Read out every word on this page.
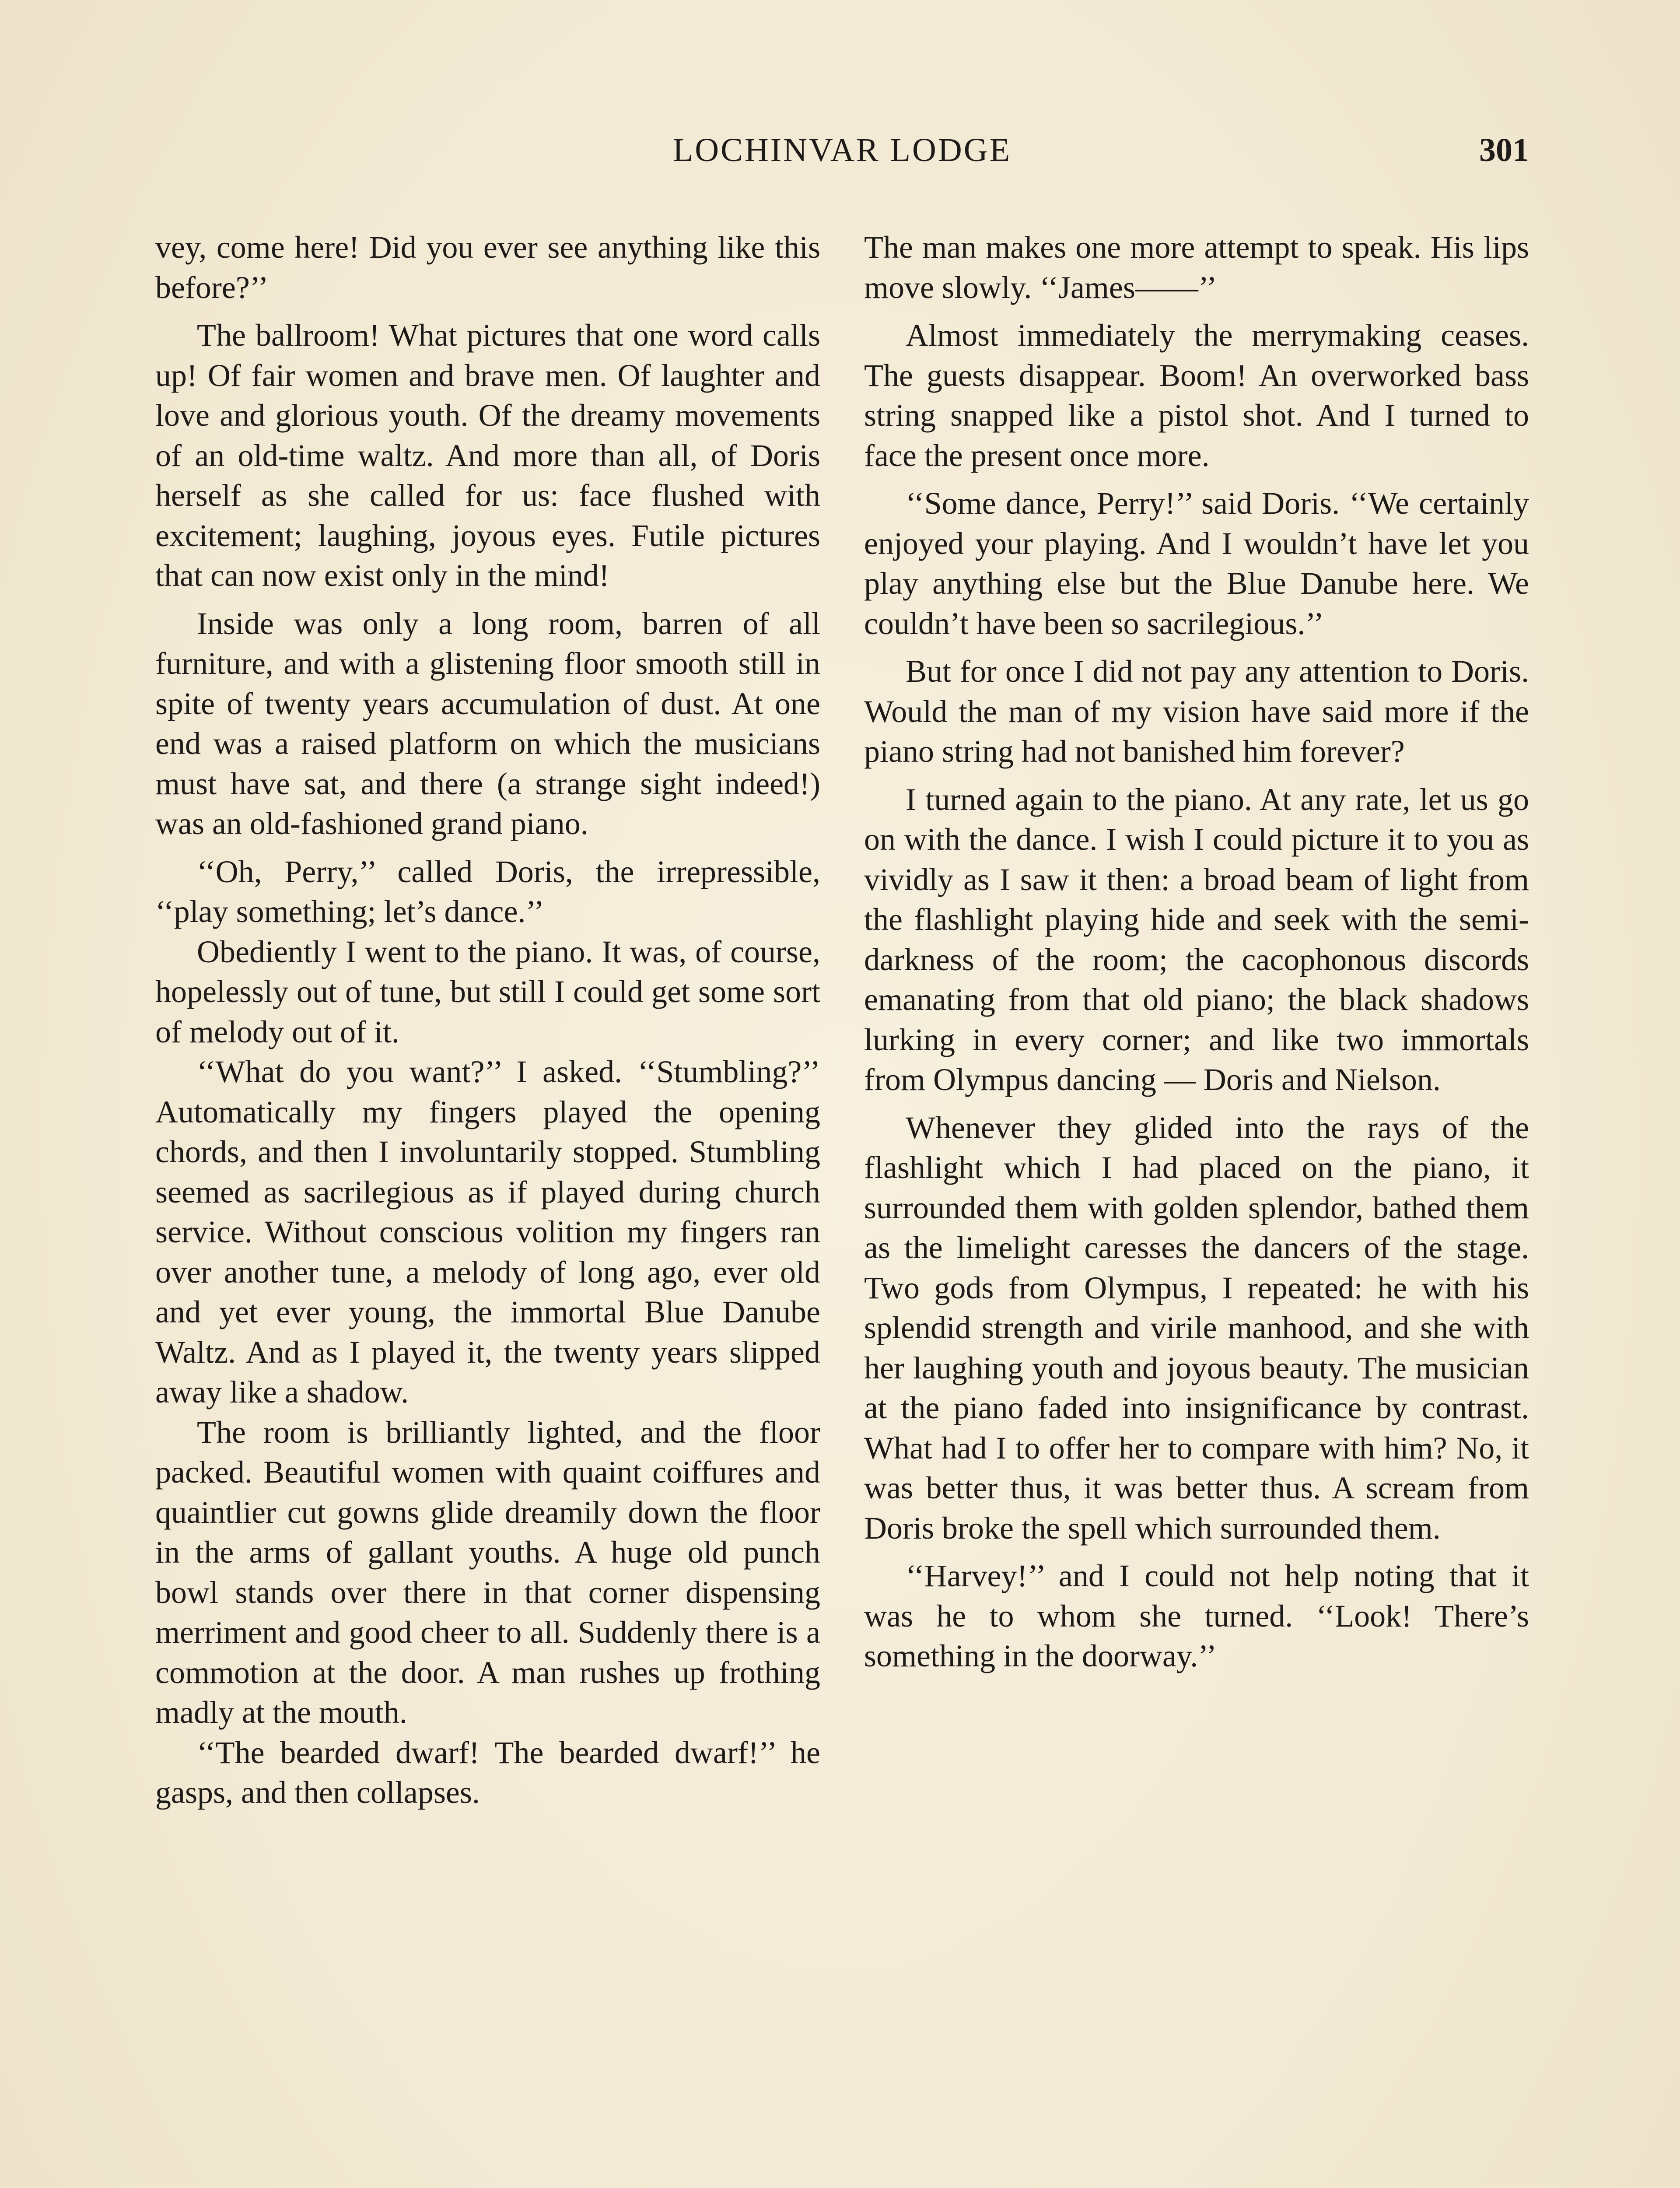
LOCHINVAR LODGE	301

vey, come here! Did you ever see anything like this before?’’

The ballroom! What pictures that one word calls up! Of fair women and brave men. Of laughter and love and glorious youth. Of the dreamy movements of an old-time waltz. And more than all, of Doris herself as she called for us: face flushed with excitement; laughing, joyous eyes. Futile pictures that can now exist only in the mind!

Inside was only a long room, barren of all furniture, and with a glistening floor smooth still in spite of twenty years accumulation of dust. At one end was a raised platform on which the musicians must have sat, and there (a strange sight indeed!) was an old-fashioned grand piano.

‘‘Oh, Perry,’’ called Doris, the irrepressible, ‘‘play something; let’s dance.’’

Obediently I went to the piano. It was, of course, hopelessly out of tune, but still I could get some sort of melody out of it.

‘‘What do you want?’’ I asked. ‘‘Stumbling?’’ Automatically my fingers played the opening chords, and then I involuntarily stopped. Stumbling seemed as sacrilegious as if played during church service. Without conscious volition my fingers ran over another tune, a melody of long ago, ever old and yet ever young, the immortal Blue Danube Waltz. And as I played it, the twenty years slipped away like a shadow.

The room is brilliantly lighted, and the floor packed. Beautiful women with quaint coiffures and quaintlier cut gowns glide dreamily down the floor in the arms of gallant youths. A huge old punch bowl stands over there in that corner dispensing merriment and good cheer to all. Suddenly there is a commotion at the door. A man rushes up frothing madly at the mouth.

‘‘The bearded dwarf! The bearded dwarf!’’ he gasps, and then collapses.

The man makes one more attempt to speak. His lips move slowly. ‘‘James——’’

Almost immediately the merrymaking ceases. The guests disappear. Boom! An overworked bass string snapped like a pistol shot. And I turned to face the present once more.

‘‘Some dance, Perry!’’ said Doris. ‘‘We certainly enjoyed your playing. And I wouldn’t have let you play anything else but the Blue Danube here. We couldn’t have been so sacrilegious.’’

But for once I did not pay any attention to Doris. Would the man of my vision have said more if the piano string had not banished him forever?

I turned again to the piano. At any rate, let us go on with the dance. I wish I could picture it to you as vividly as I saw it then: a broad beam of light from the flashlight playing hide and seek with the semi-darkness of the room; the cacophonous discords emanating from that old piano; the black shadows lurking in every corner; and like two immortals from Olympus dancing — Doris and Nielson.

Whenever they glided into the rays of the flashlight which I had placed on the piano, it surrounded them with golden splendor, bathed them as the limelight caresses the dancers of the stage. Two gods from Olympus, I repeated: he with his splendid strength and virile manhood, and she with her laughing youth and joyous beauty. The musician at the piano faded into insignificance by contrast. What had I to offer her to compare with him? No, it was better thus, it was better thus. A scream from Doris broke the spell which surrounded them.

‘‘Harvey!’’ and I could not help noting that it was he to whom she turned. ‘‘Look! There’s something in the doorway.’’
